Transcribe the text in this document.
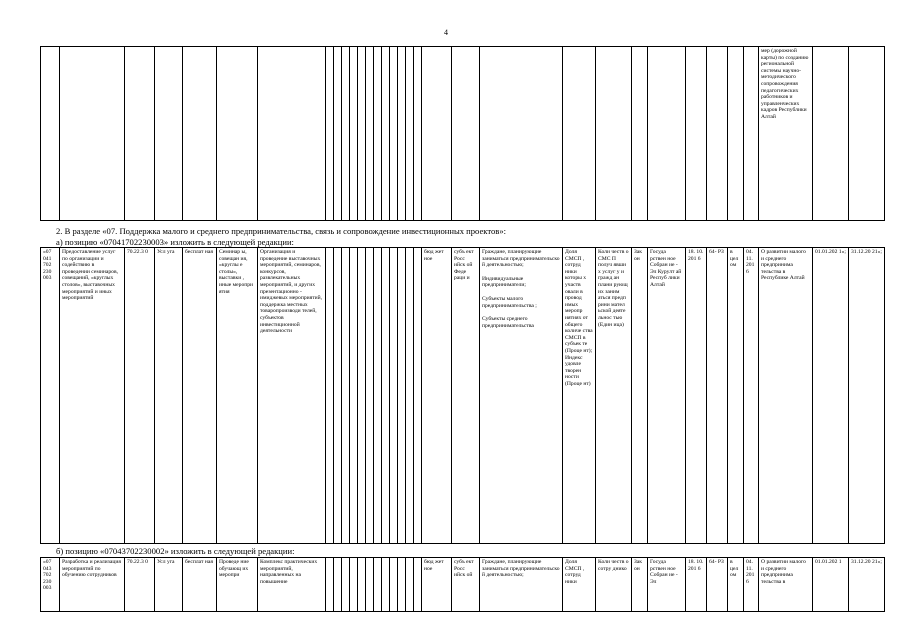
4
																														мер (дорожной карты) по созданию региональной системы научно-методического сопровождения педагогических работников и управленческих кадров Республики Алтай		
2. В разделе «07. Поддержка малого и среднего предпринимательства, связь и сопровождение инвестиционных проектов»:
а) позицию «07041702230003» изложить в следующей редакции:
«07 041 702 230 003	Предоставление услуг по организации и содействию в проведении семинаров, совещаний, «круглых столов», выставочных мероприятий и иных мероприятий	70.22.3 0	Усл уга	бесплат ная	Семинар ы, совещан ия, «круглы е столы», выставки , иные меропри ятия	Организация и проведение выставочных мероприятий, семинаров, конкурсов, развлекательных мероприятий, и других презентационно - имиджевых мероприятий, поддержка местных товаропроизводи телей, субъектов инвестиционной деятельности													бюд жет ное	субъ ект Росс ийск ой Феде раци и	
Граждане, планирующие заниматься предпринимательско й деятельностью;
Индивидуальные предприниматели;
Субъекты малого предпринимательства ;
Субъекты среднего предпринимательства
	Доля СМСП , сотруд ники которы х участв овали в провод имых меропр иятиях от общего количе ства СМСП в субъек те (Проце нт); Индекс удовле творен ности (Проце нт)	Коли честв о СМС П получ явши х услуг у и гражд ан плани рующ их заним аться предп рини мател ьской деяте льнос тью (Един ица)	Зак он	Госуда рствен ное Собран ие - Эл Курулт ай Респуб лики Алтай	18. 10. 201 6	64- РЗ	в цел ом	04. 11. 201 6	О развитии малого и среднего предпринима тельства в Республике Алтай	01.01.202 1»;	31.12.20 21»;
б) позицию «07043702230002» изложить в следующей редакции:
«07 043 702 230 003	Разработка и реализация мероприятий по обучению сотрудников	70.22.3 0	Усл уга	бесплат ная	Проведе ние обучающ их меропри	Комплекс практических мероприятий, направленных на повышение													бюд жет ное	субъ ект Росс ийск ой	
Граждане, планирующие заниматься предпринимательско й деятельностью;
	Доля СМСП , сотруд ники	Коли честв о сотру днико	Зак он	Госуда рствен ное Собран ие - Эл	18. 10. 201 6	64- РЗ	в цел ом	04. 11. 201 6	О развитии малого и среднего предпринима тельства в	01.01.202 1	31.12.20 21»;
